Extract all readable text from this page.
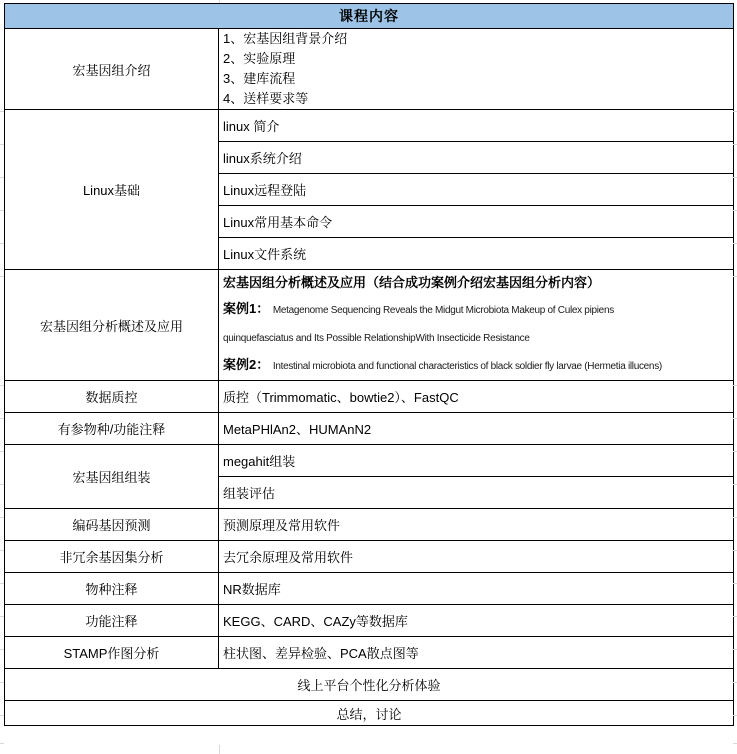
课程内容	
宏基因组介绍	1、宏基因组背景介绍
2、实验原理
3、建库流程
4、送样要求等

Linux基础	linux 简介
	linux系统介绍
	Linux远程登陆
	Linux常用基本命令
	Linux文件系统
宏基因组分析概述及应用	宏基因组分析概述及应用（结合成功案例介绍宏基因组分析内容）
案例1： Metagenome Sequencing Reveals the Midgut Microbiota Makeup of Culex pipiens
quinquefasciatus and Its Possible RelationshipWith Insecticide Resistance
案例2： Intestinal microbiota and functional characteristics of black soldier fly larvae (Hermetia illucens)

数据质控	质控（Trimmomatic、bowtie2）、FastQC
有参物种/功能注释	MetaPHlAn2、HUMAnN2
宏基因组组装	megahit组装
	组装评估
编码基因预测	预测原理及常用软件
非冗余基因集分析	去冗余原理及常用软件
物种注释	NR数据库
功能注释	KEGG、CARD、CAZy等数据库
STAMP作图分析	柱状图、差异检验、PCA散点图等
线上平台个性化分析体验	
总结，讨论	
